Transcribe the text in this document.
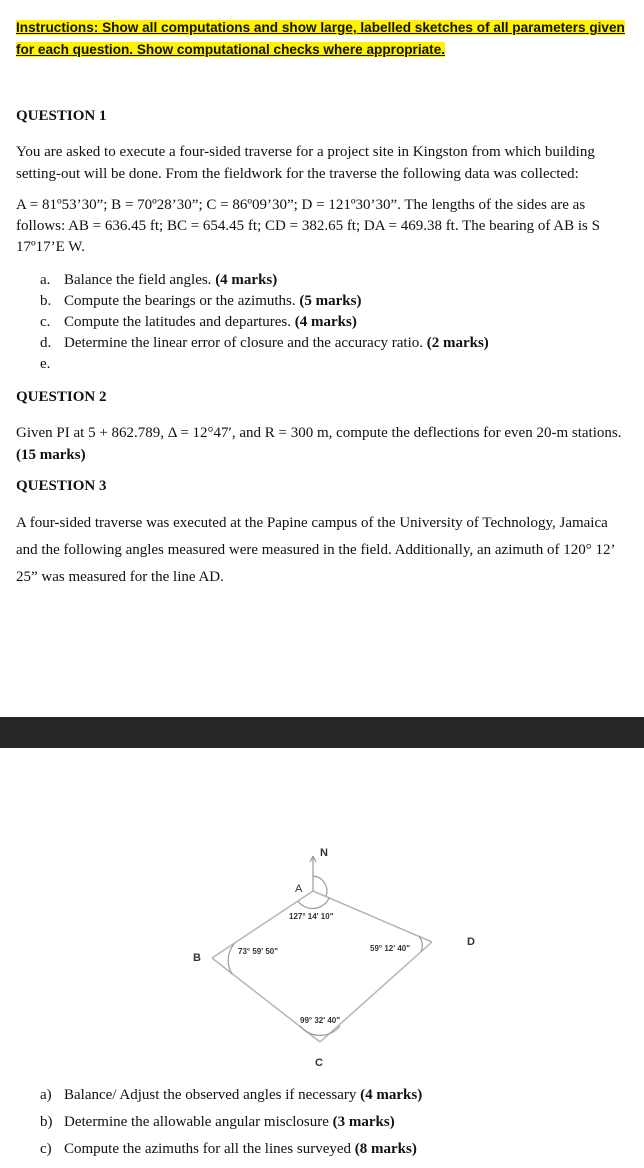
Instructions: Show all computations and show large, labelled sketches of all parameters given for each question. Show computational checks where appropriate.
QUESTION 1
You are asked to execute a four-sided traverse for a project site in Kingston from which building setting-out will be done. From the fieldwork for the traverse the following data was collected:
A = 81º53’30”; B = 70º28’30”; C = 86º09’30”; D = 121º30’30”. The lengths of the sides are as follows: AB = 636.45 ft; BC = 654.45 ft; CD = 382.65 ft; DA = 469.38 ft. The bearing of AB is S 17º17’E W.
a. Balance the field angles. (4 marks)
b. Compute the bearings or the azimuths. (5 marks)
c. Compute the latitudes and departures. (4 marks)
d. Determine the linear error of closure and the accuracy ratio. (2 marks)
e.
QUESTION 2
Given PI at 5 + 862.789, Δ = 12°47′, and R = 300 m, compute the deflections for even 20-m stations. (15 marks)
QUESTION 3
A four-sided traverse was executed at the Papine campus of the University of Technology, Jamaica and the following angles measured were measured in the field. Additionally, an azimuth of 120° 12’ 25” was measured for the line AD.
N
A
B
C
D
127° 14' 10"
73° 59' 50"
99° 32' 40"
59° 12' 40"
a) Balance/ Adjust the observed angles if necessary (4 marks)
b) Determine the allowable angular misclosure (3 marks)
c) Compute the azimuths for all the lines surveyed (8 marks)
